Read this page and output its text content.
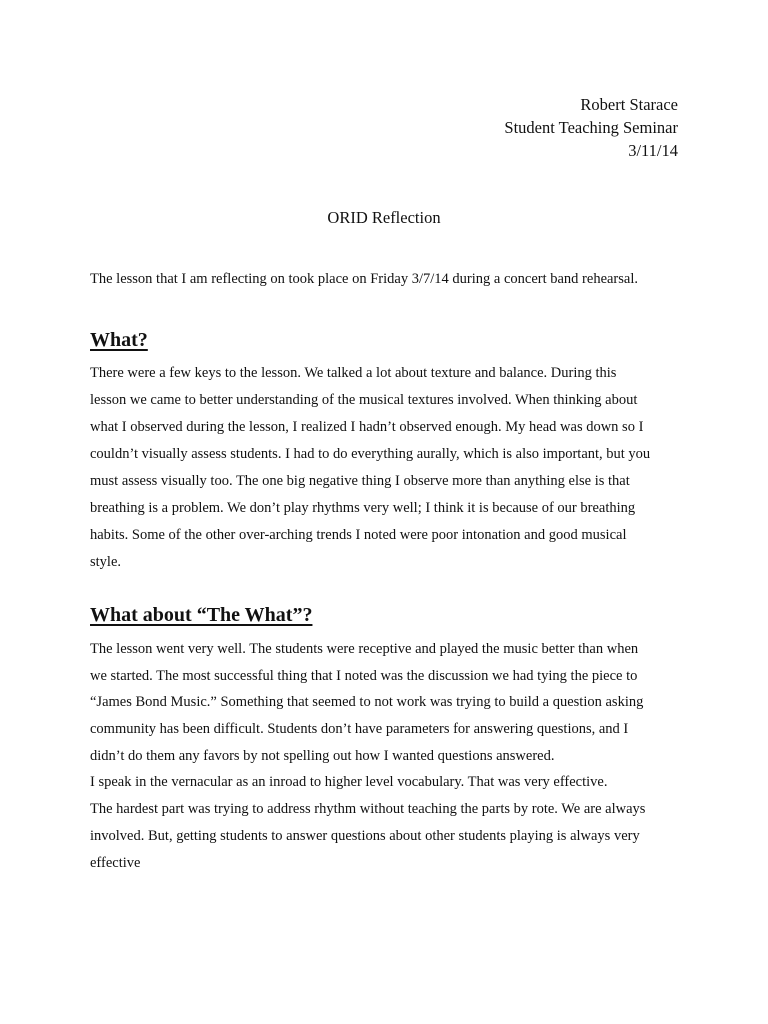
Robert Starace
Student Teaching Seminar
3/11/14
ORID Reflection
The lesson that I am reflecting on took place on Friday 3/7/14 during a concert band rehearsal.
What?
There were a few keys to the lesson. We talked a lot about texture and balance. During this
lesson we came to better understanding of the musical textures involved. When thinking about
what I observed during the lesson, I realized I hadn’t observed enough. My head was down so I
couldn’t visually assess students. I had to do everything aurally, which is also important, but you
must assess visually too. The one big negative thing I observe more than anything else is that
breathing is a problem. We don’t play rhythms very well; I think it is because of our breathing
habits. Some of the other over-arching trends I noted were poor intonation and good musical
style.
What about “The What”?
The lesson went very well. The students were receptive and played the music better than when
we started. The most successful thing that I noted was the discussion we had tying the piece to
“James Bond Music.” Something that seemed to not work was trying to build a question asking
community has been difficult. Students don’t have parameters for answering questions, and I
didn’t do them any favors by not spelling out how I wanted questions answered.
I speak in the vernacular as an inroad to higher level vocabulary. That was very effective.
The hardest part was trying to address rhythm without teaching the parts by rote. We are always
involved. But, getting students to answer questions about other students playing is always very
effective
